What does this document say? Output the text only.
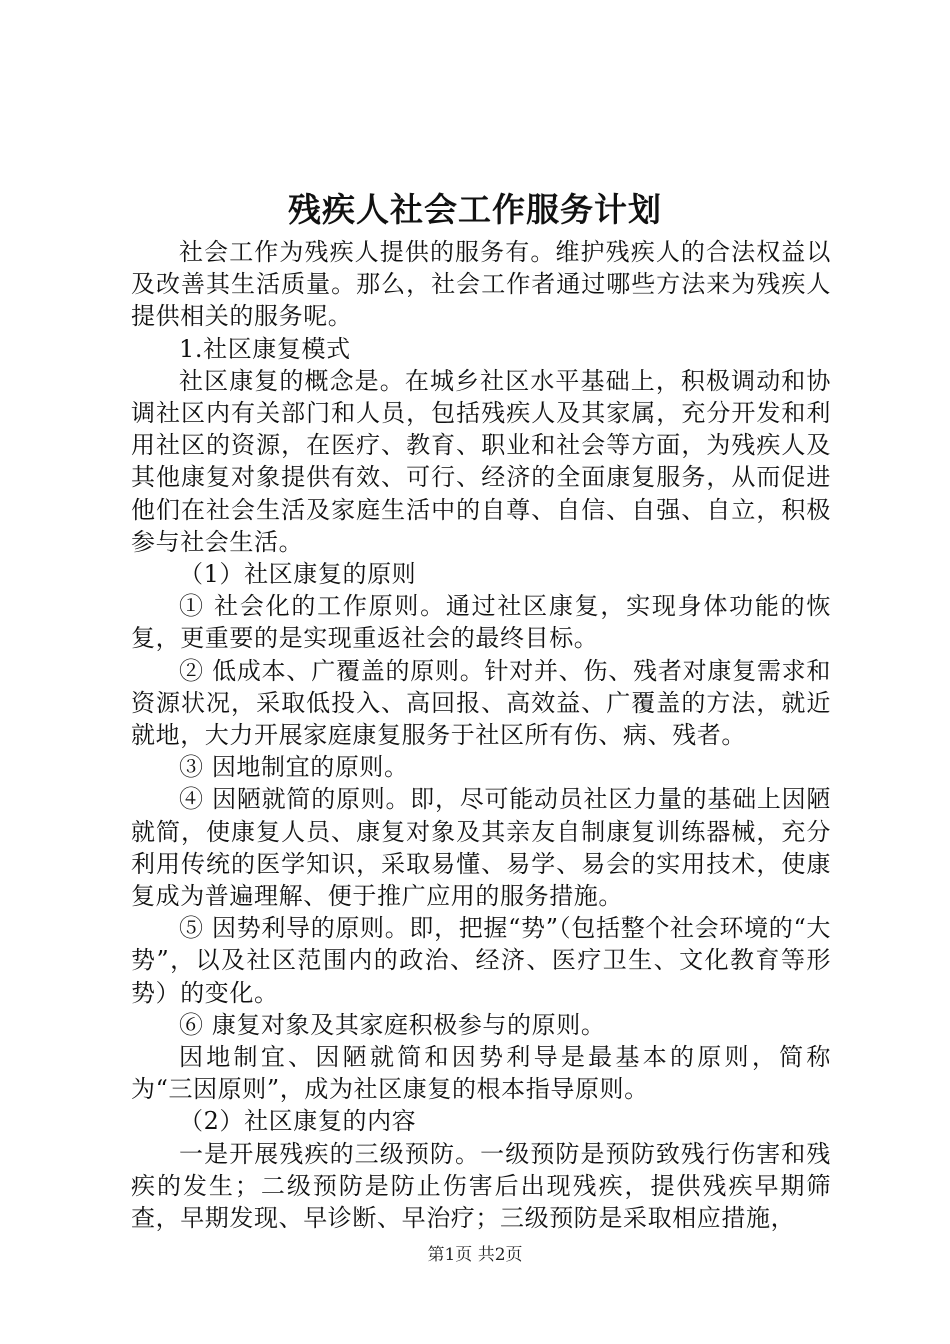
残疾人社会工作服务计划

社会工作为残疾人提供的服务有。维护残疾人的合法权益以及改善其生活质量。那么，社会工作者通过哪些方法来为残疾人提供相关的服务呢。

1.社区康复模式

社区康复的概念是。在城乡社区水平基础上，积极调动和协调社区内有关部门和人员，包括残疾人及其家属，充分开发和利用社区的资源，在医疗、教育、职业和社会等方面，为残疾人及其他康复对象提供有效、可行、经济的全面康复服务，从而促进他们在社会生活及家庭生活中的自尊、自信、自强、自立，积极参与社会生活。

（1）社区康复的原则

① 社会化的工作原则。通过社区康复，实现身体功能的恢复，更重要的是实现重返社会的最终目标。

② 低成本、广覆盖的原则。针对并、伤、残者对康复需求和资源状况，采取低投入、高回报、高效益、广覆盖的方法，就近就地，大力开展家庭康复服务于社区所有伤、病、残者。

③ 因地制宜的原则。

④ 因陋就简的原则。即，尽可能动员社区力量的基础上因陋就简，使康复人员、康复对象及其亲友自制康复训练器械，充分利用传统的医学知识，采取易懂、易学、易会的实用技术，使康复成为普遍理解、便于推广应用的服务措施。

⑤ 因势利导的原则。即，把握“势”（包括整个社会环境的“大势”，以及社区范围内的政治、经济、医疗卫生、文化教育等形势）的变化。

⑥ 康复对象及其家庭积极参与的原则。

因地制宜、因陋就简和因势利导是最基本的原则，简称为“三因原则”，成为社区康复的根本指导原则。

（2）社区康复的内容

一是开展残疾的三级预防。一级预防是预防致残行伤害和残疾的发生；二级预防是防止伤害后出现残疾，提供残疾早期筛查，早期发现、早诊断、早治疗；三级预防是采取相应措施，

第1页 共2页
